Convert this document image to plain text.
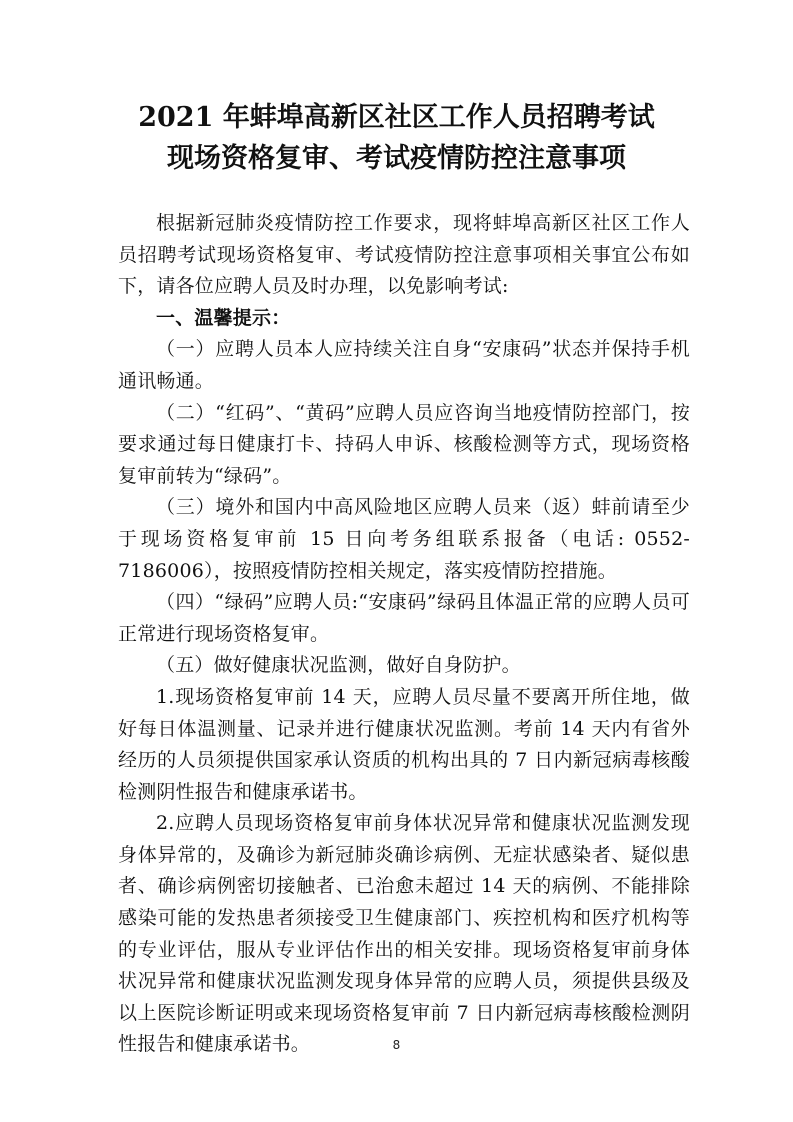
2021 年蚌埠高新区社区工作人员招聘考试
现场资格复审、考试疫情防控注意事项

根据新冠肺炎疫情防控工作要求，现将蚌埠高新区社区工作人员招聘考试现场资格复审、考试疫情防控注意事项相关事宜公布如下，请各位应聘人员及时办理，以免影响考试:

一、温馨提示：

（一）应聘人员本人应持续关注自身“安康码”状态并保持手机通讯畅通。

（二）“红码”、“黄码”应聘人员应咨询当地疫情防控部门，按要求通过每日健康打卡、持码人申诉、核酸检测等方式，现场资格复审前转为“绿码”。

（三）境外和国内中高风险地区应聘人员来（返）蚌前请至少于现场资格复审前 15 日向考务组联系报备（电话: 0552-7186006），按照疫情防控相关规定，落实疫情防控措施。

（四）“绿码”应聘人员:“安康码”绿码且体温正常的应聘人员可正常进行现场资格复审。

（五）做好健康状况监测，做好自身防护。

1.现场资格复审前 14 天，应聘人员尽量不要离开所住地，做好每日体温测量、记录并进行健康状况监测。考前 14 天内有省外经历的人员须提供国家承认资质的机构出具的 7 日内新冠病毒核酸检测阴性报告和健康承诺书。

2.应聘人员现场资格复审前身体状况异常和健康状况监测发现身体异常的，及确诊为新冠肺炎确诊病例、无症状感染者、疑似患者、确诊病例密切接触者、已治愈未超过 14 天的病例、不能排除感染可能的发热患者须接受卫生健康部门、疾控机构和医疗机构等的专业评估，服从专业评估作出的相关安排。现场资格复审前身体状况异常和健康状况监测发现身体异常的应聘人员，须提供县级及以上医院诊断证明或来现场资格复审前 7 日内新冠病毒核酸检测阴性报告和健康承诺书。	8
